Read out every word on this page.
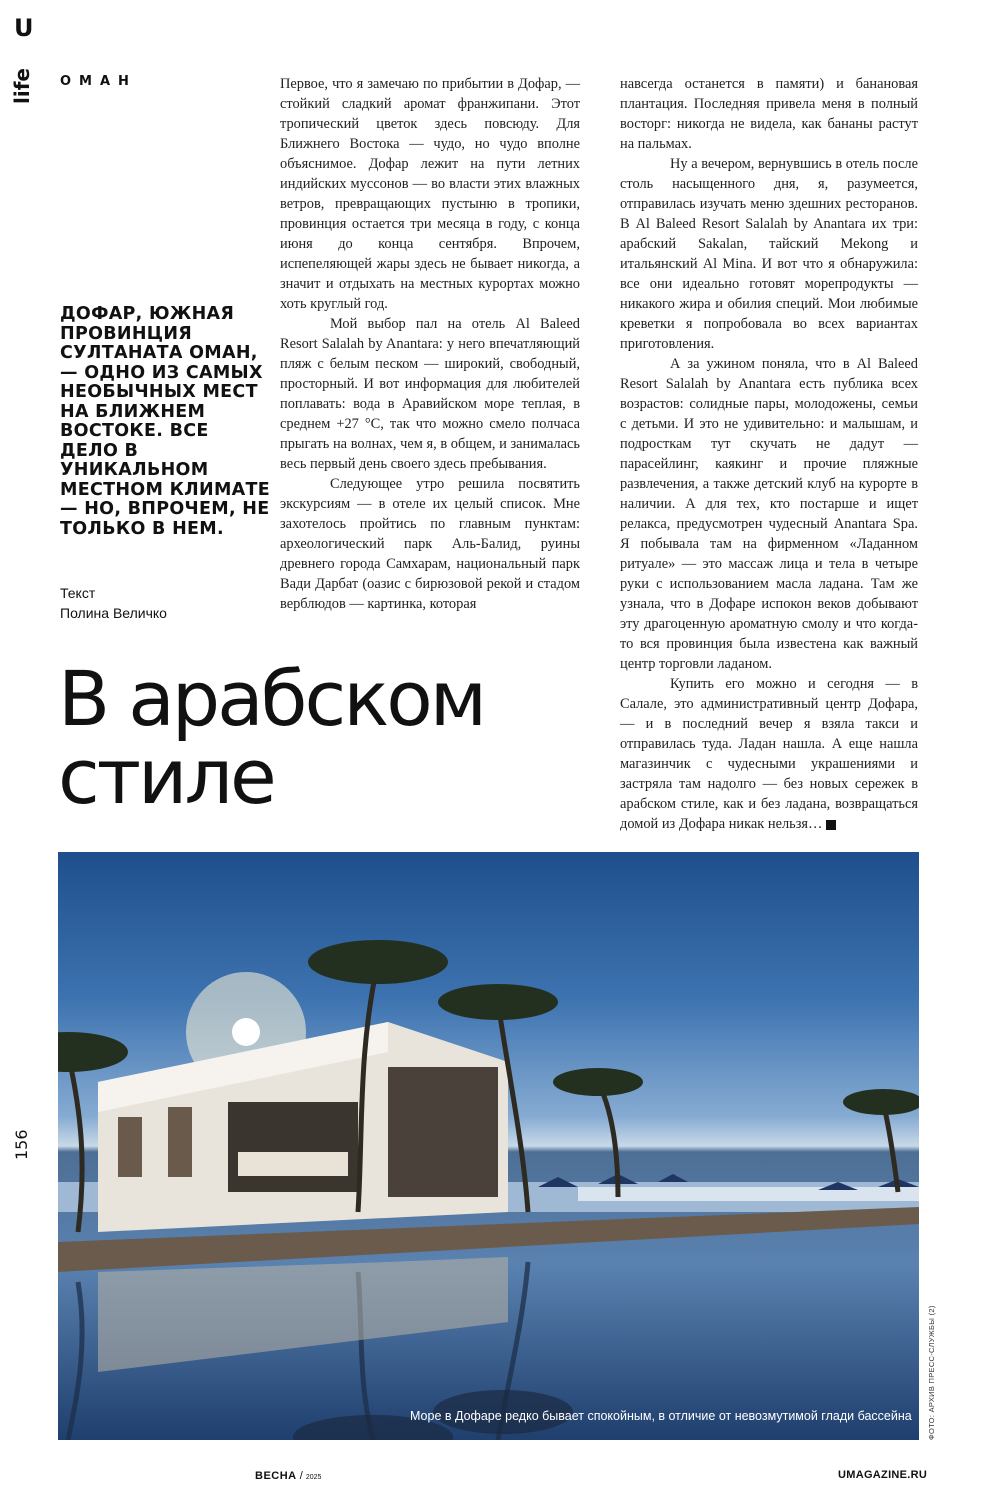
U
life ОМАН
ДОФАР, ЮЖНАЯ ПРОВИНЦИЯ СУЛТАНАТА ОМАН, — ОДНО ИЗ САМЫХ НЕОБЫЧНЫХ МЕСТ НА БЛИЖНЕМ ВОСТОКЕ. ВСЕ ДЕЛО В УНИКАЛЬНОМ МЕСТНОМ КЛИМАТЕ — НО, ВПРОЧЕМ, НЕ ТОЛЬКО В НЕМ.
Текст
Полина Величко
В арабском
стиле

Первое, что я замечаю по прибытии в Дофар, — стойкий сладкий аромат франжипани. Этот тропический цветок здесь повсюду. Для Ближнего Востока — чудо, но чудо вполне объяснимое. Дофар лежит на пути летних индийских муссонов — во власти этих влажных ветров, превращающих пустыню в тропики, провинция остается три месяца в году, с конца июня до конца сентября. Впрочем, испепеляющей жары здесь не бывает никогда, а значит и отдыхать на местных курортах можно хоть круглый год.

Мой выбор пал на отель Al Baleed Resort Salalah by Anantara: у него впечатляющий пляж с белым песком — широкий, свободный, просторный. И вот информация для любителей поплавать: вода в Аравийском море теплая, в среднем +27 °С, так что можно смело полчаса прыгать на волнах, чем я, в общем, и занималась весь первый день своего здесь пребывания.

Следующее утро решила посвятить экскурсиям — в отеле их целый список. Мне захотелось пройтись по главным пунктам: археологический парк Аль-Балид, руины древнего города Самхарам, национальный парк Вади Дарбат (оазис с бирюзовой рекой и стадом верблюдов — картинка, которая

навсегда останется в памяти) и банановая плантация. Последняя привела меня в полный восторг: никогда не видела, как бананы растут на пальмах.

Ну а вечером, вернувшись в отель после столь насыщенного дня, я, разумеется, отправилась изучать меню здешних ресторанов. В Al Baleed Resort Salalah by Anantara их три: арабский Sakalan, тайский Mekong и итальянский Al Mina. И вот что я обнаружила: все они идеально готовят морепродукты — никакого жира и обилия специй. Мои любимые креветки я попробовала во всех вариантах приготовления.

А за ужином поняла, что в Al Baleed Resort Salalah by Anantara есть публика всех возрастов: солидные пары, молодожены, семьи с детьми. И это не удивительно: и малышам, и подросткам тут скучать не дадут — парасейлинг, каякинг и прочие пляжные развлечения, а также детский клуб на курорте в наличии. А для тех, кто постарше и ищет релакса, предусмотрен чудесный Anantara Spa. Я побывала там на фирменном «Ладанном ритуале» — это массаж лица и тела в четыре руки с использованием масла ладана. Там же узнала, что в Дофаре испокон веков добывают эту драгоценную ароматную смолу и что когда-то вся провинция была известена как важный центр торговли ладаном.

Купить его можно и сегодня — в Салале, это административный центр Дофара, — и в последний вечер я взяла такси и отправилась туда. Ладан нашла. А еще нашла магазинчик с чудесными украшениями и застряла там надолго — без новых сережек в арабском стиле, как и без ладана, возвращаться домой из Дофара никак нельзя…	u

Море в Дофаре редко бывает спокойным, в отличие от невозмутимой глади бассейна ФОТО: АРХИВ ПРЕСС-СЛУЖБЫ (2)
156
ВЕСНА / 2025	UMAGAZINE.RU
